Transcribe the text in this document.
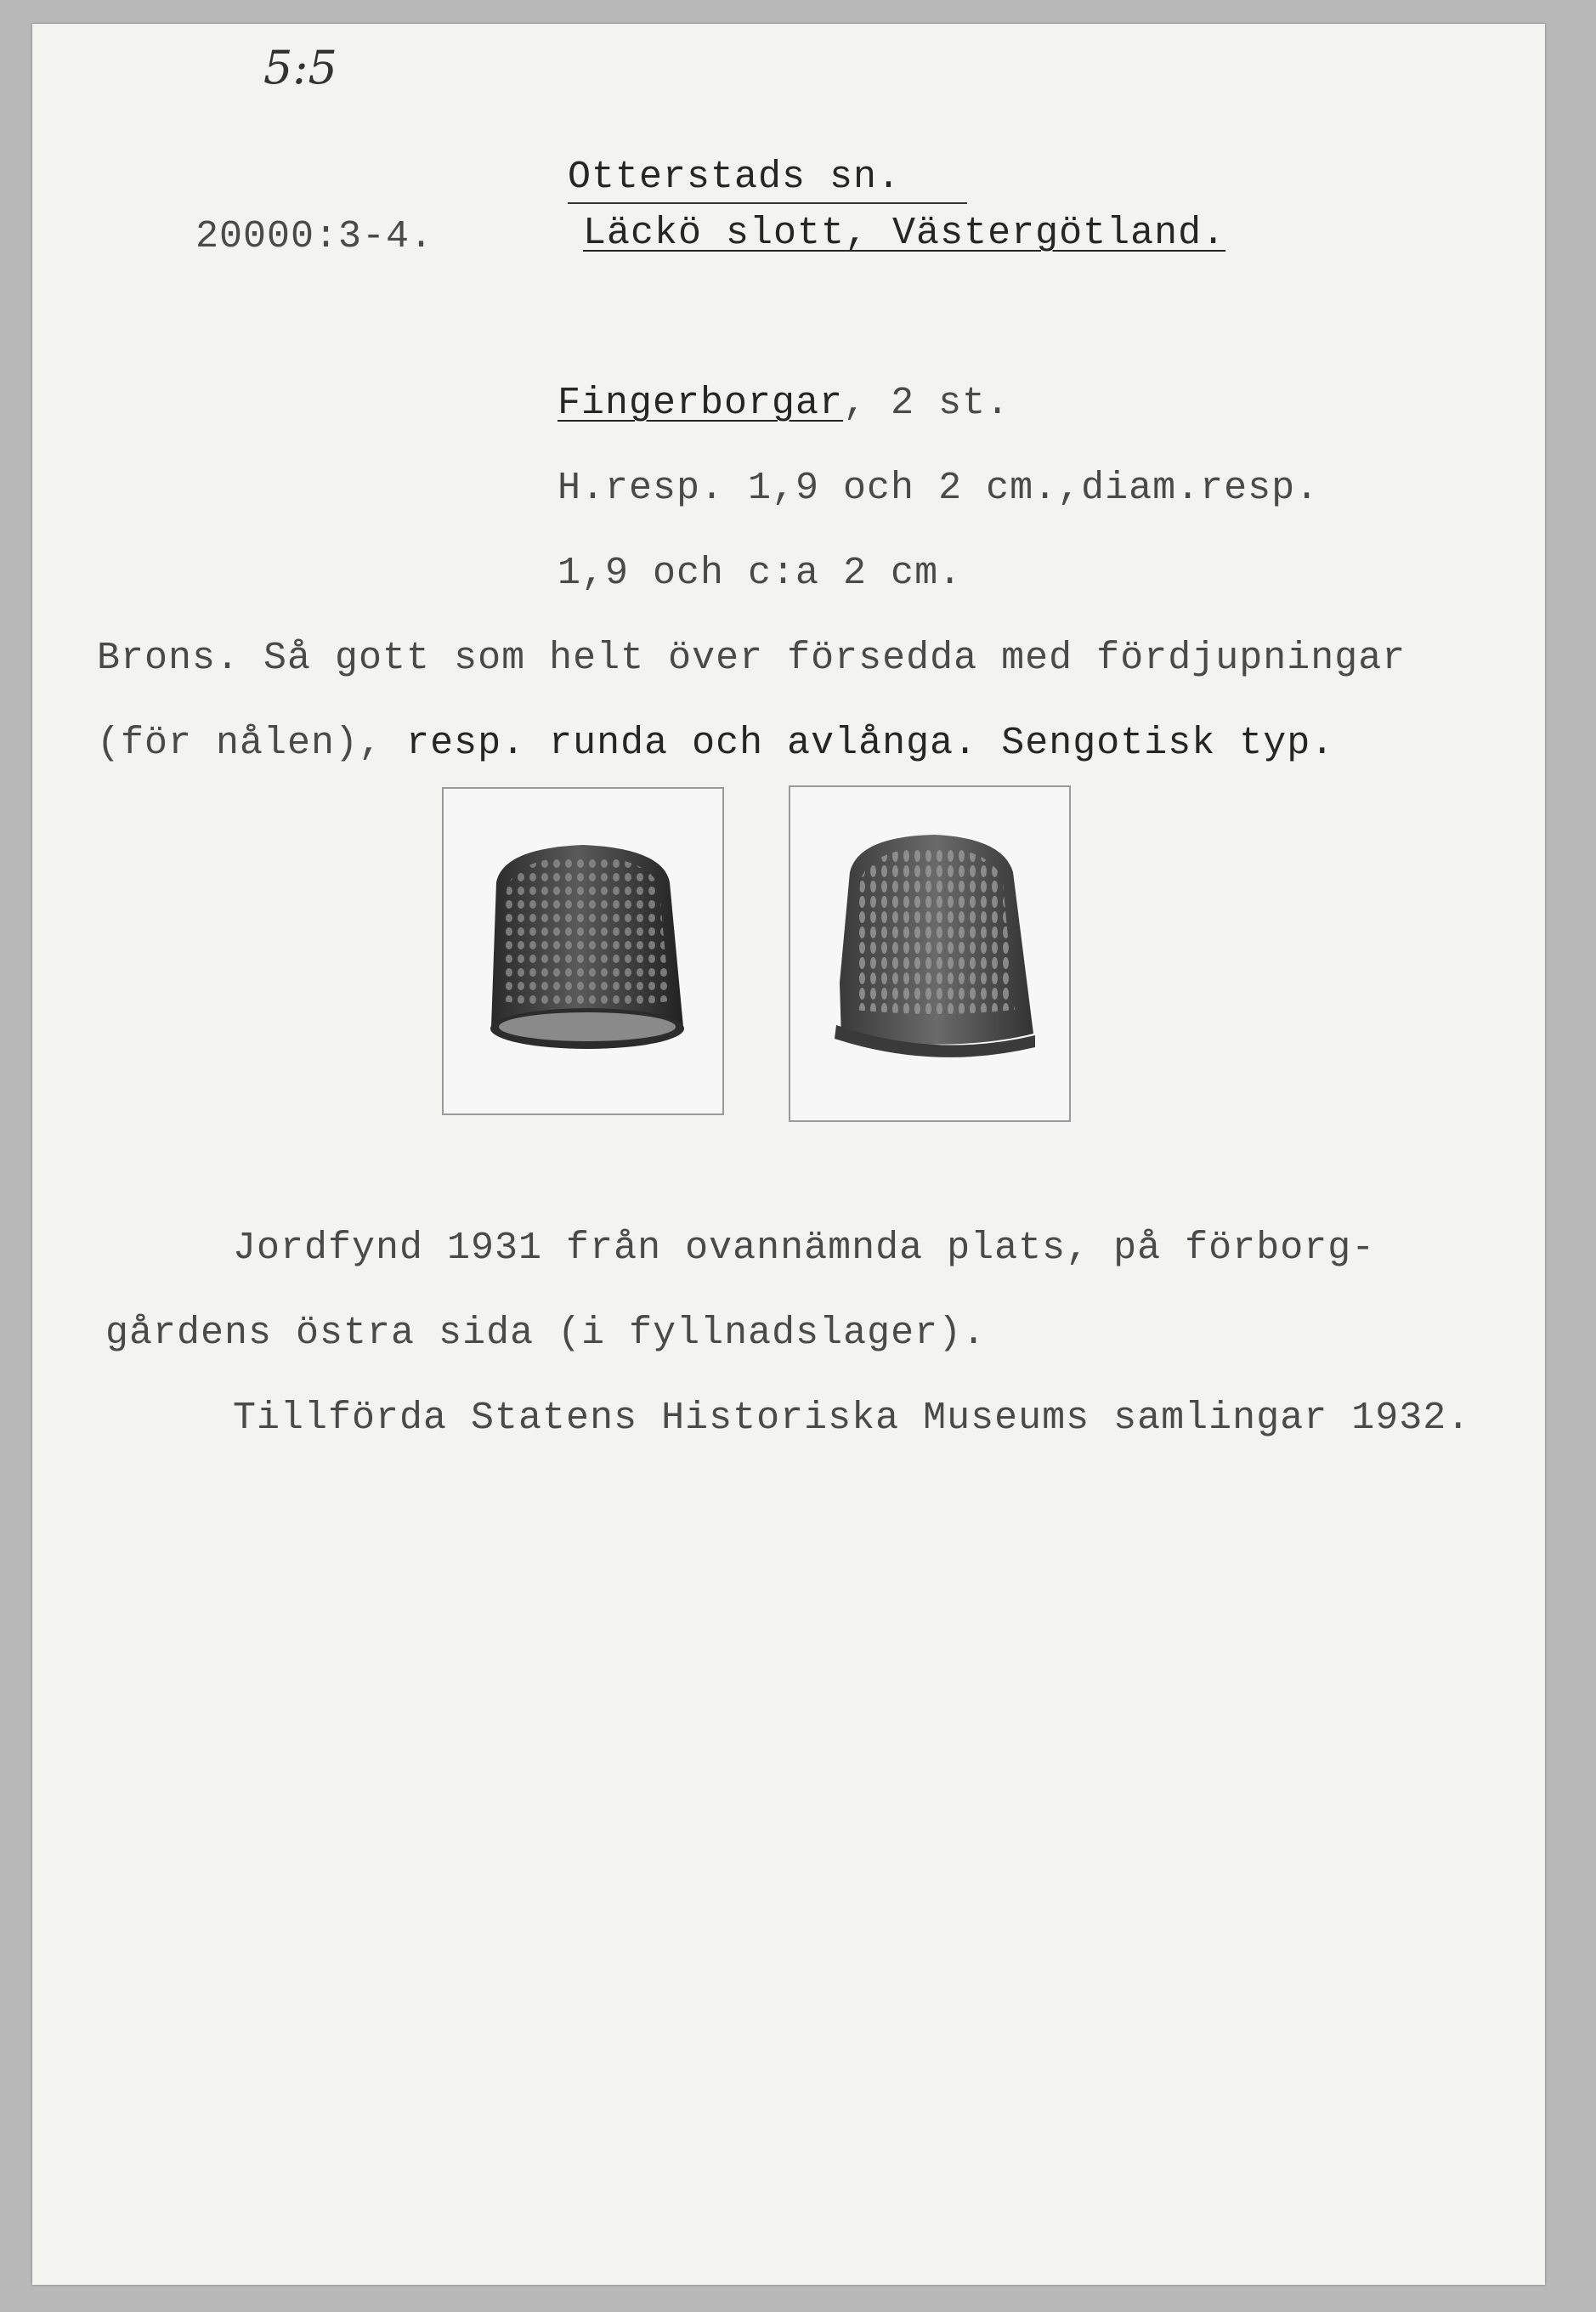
5:5
Otterstads sn.
20000:3-4.	Läckö slott, Västergötland.
Fingerborgar, 2 st.
H.resp. 1,9 och 2 cm.,diam.resp.
1,9 och c:a 2 cm.
Brons. Så gott som helt över försedda med fördjupningar
(för nålen), resp. runda och avlånga. Sengotisk typ.
Jordfynd 1931 från ovannämnda plats, på förborg-
gårdens östra sida (i fyllnadslager).
Tillförda Statens Historiska Museums samlingar 1932.
